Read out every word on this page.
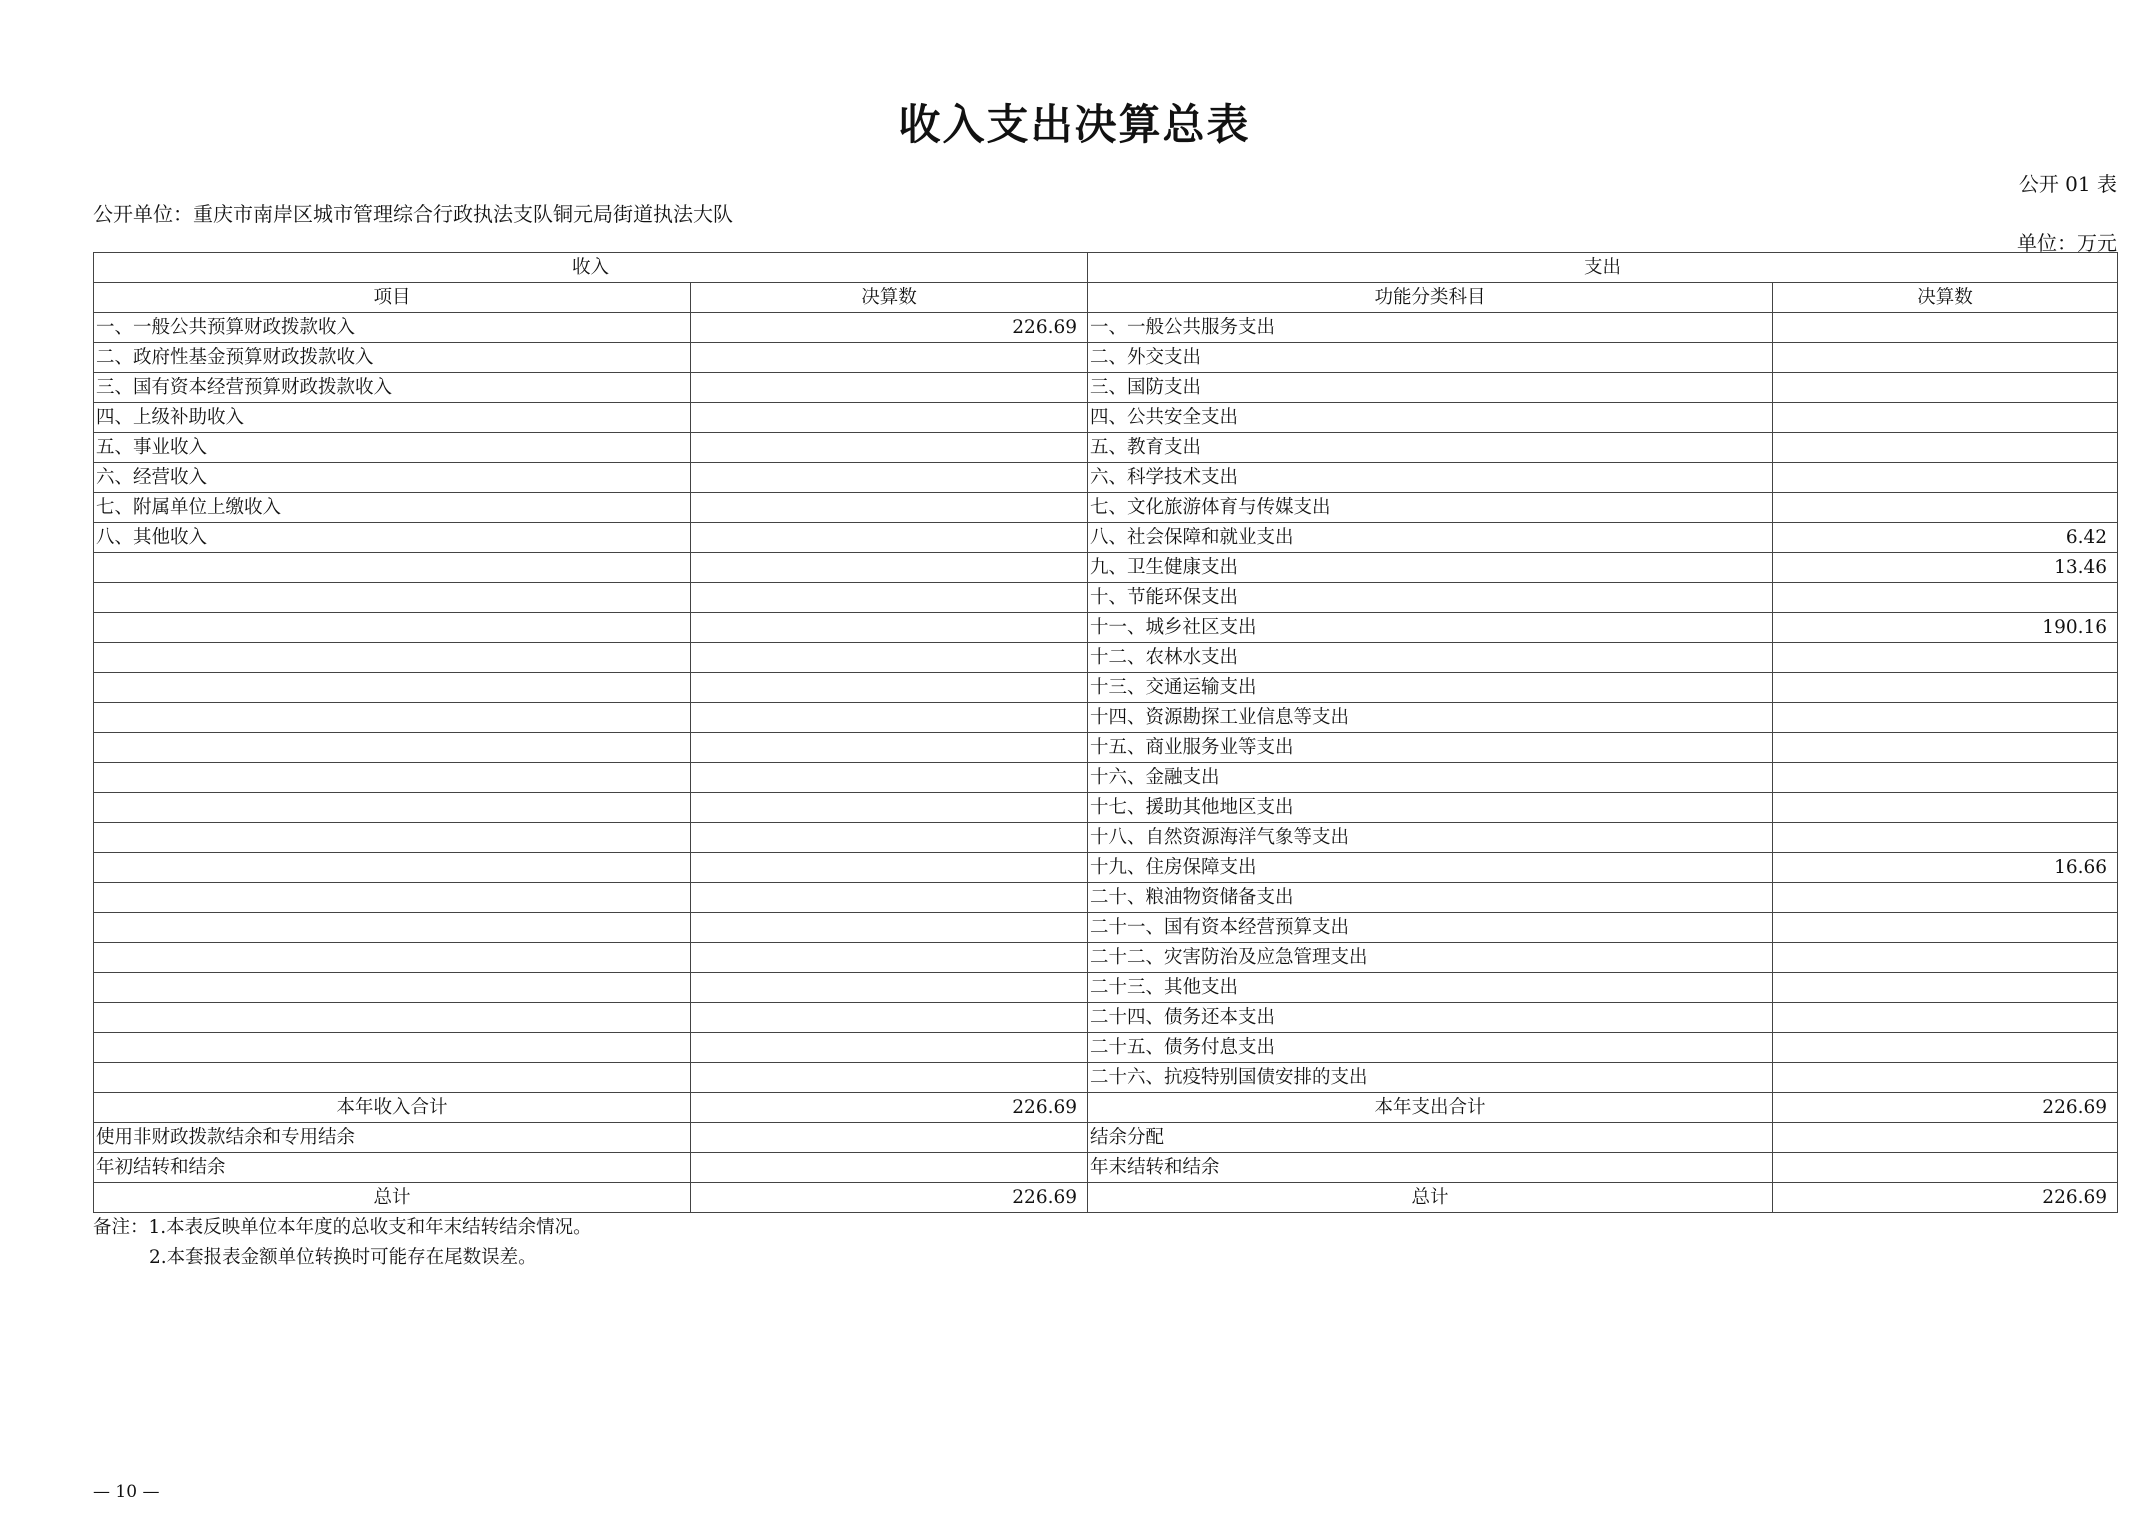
收入支出决算总表
公开 01 表
公开单位：重庆市南岸区城市管理综合行政执法支队铜元局街道执法大队
单位：万元
收入		支出	
项目	决算数	功能分类科目	决算数
一、一般公共预算财政拨款收入	226.69	一、一般公共服务支出	
二、政府性基金预算财政拨款收入		二、外交支出	
三、国有资本经营预算财政拨款收入		三、国防支出	
四、上级补助收入		四、公共安全支出	
五、事业收入		五、教育支出	
六、经营收入		六、科学技术支出	
七、附属单位上缴收入		七、文化旅游体育与传媒支出	
八、其他收入		八、社会保障和就业支出	6.42
		九、卫生健康支出	13.46
		十、节能环保支出	
		十一、城乡社区支出	190.16
		十二、农林水支出	
		十三、交通运输支出	
		十四、资源勘探工业信息等支出	
		十五、商业服务业等支出	
		十六、金融支出	
		十七、援助其他地区支出	
		十八、自然资源海洋气象等支出	
		十九、住房保障支出	16.66
		二十、粮油物资储备支出	
		二十一、国有资本经营预算支出	
		二十二、灾害防治及应急管理支出	
		二十三、其他支出	
		二十四、债务还本支出	
		二十五、债务付息支出	
		二十六、抗疫特别国债安排的支出	
本年收入合计	226.69	本年支出合计	226.69
使用非财政拨款结余和专用结余		结余分配	
年初结转和结余		年末结转和结余	
总计	226.69	总计	226.69
备注：1.本表反映单位本年度的总收支和年末结转结余情况。
2.本套报表金额单位转换时可能存在尾数误差。
— 10 —
